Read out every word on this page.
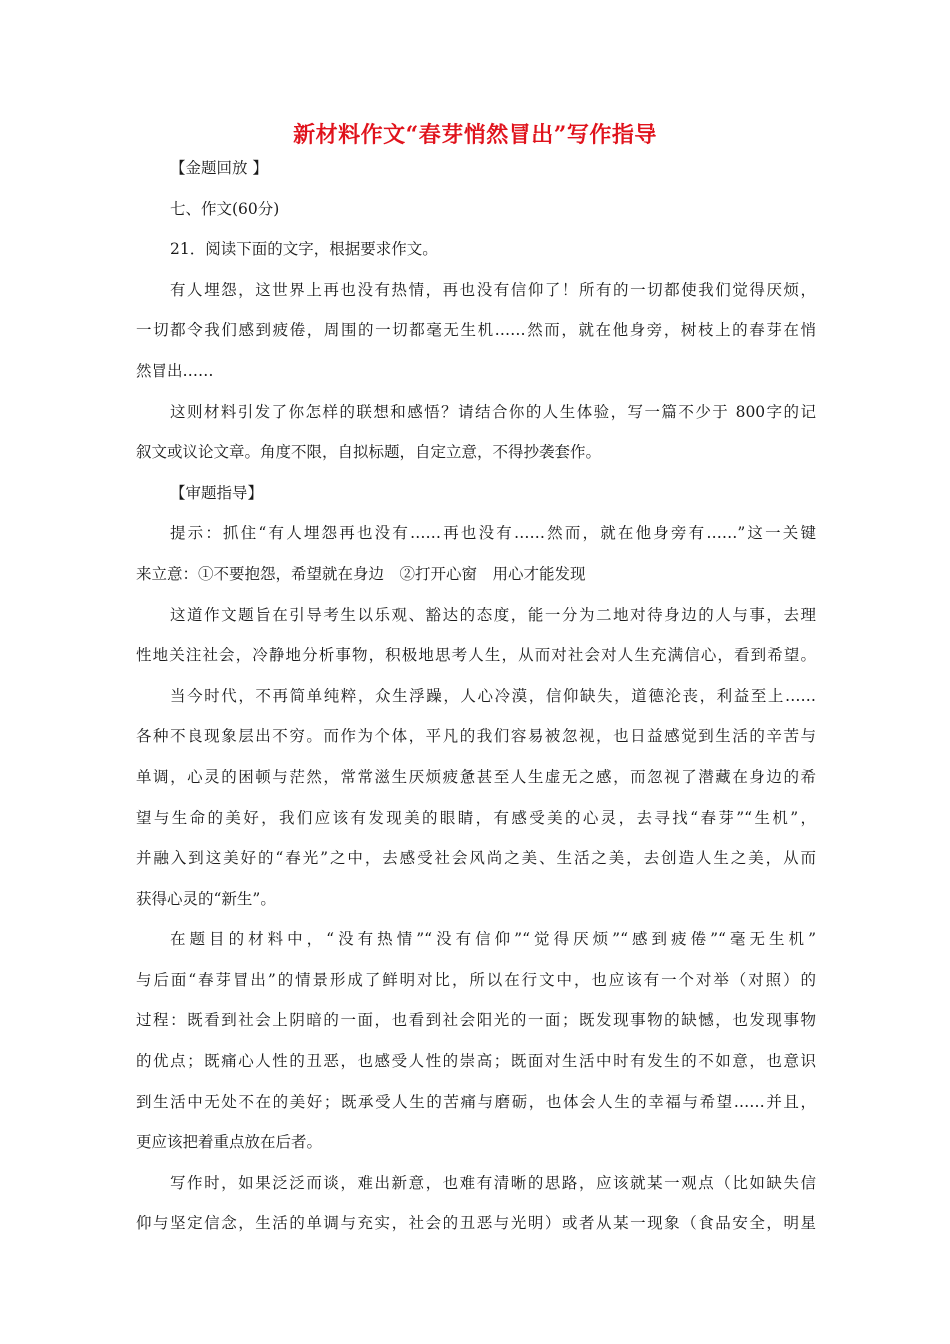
新材料作文“春芽悄然冒出”写作指导
【金题回放 】
七、作文(60分)
21．阅读下面的文字，根据要求作文。
有人埋怨，这世界上再也没有热情，再也没有信仰了！所有的一切都使我们觉得厌烦，
一切都令我们感到疲倦，周围的一切都毫无生机……然而，就在他身旁，树枝上的春芽在悄
然冒出……
这则材料引发了你怎样的联想和感悟？请结合你的人生体验，写一篇不少于 800字的记
叙文或议论文章。角度不限，自拟标题，自定立意，不得抄袭套作。
【审题指导】
提示：抓住“有人埋怨再也没有……再也没有……然而，就在他身旁有……”这一关键
来立意：①不要抱怨，希望就在身边　②打开心窗　用心才能发现
这道作文题旨在引导考生以乐观、豁达的态度，能一分为二地对待身边的人与事，去理
性地关注社会，冷静地分析事物，积极地思考人生，从而对社会对人生充满信心，看到希望。
当今时代，不再简单纯粹，众生浮躁，人心冷漠，信仰缺失，道德沦丧，利益至上……
各种不良现象层出不穷。而作为个体，平凡的我们容易被忽视，也日益感觉到生活的辛苦与
单调，心灵的困顿与茫然，常常滋生厌烦疲惫甚至人生虚无之感，而忽视了潜藏在身边的希
望与生命的美好，我们应该有发现美的眼睛，有感受美的心灵，去寻找“春芽”“生机”，
并融入到这美好的“春光”之中，去感受社会风尚之美、生活之美，去创造人生之美，从而
获得心灵的“新生”。
在题目的材料中，“没有热情”“没有信仰”“觉得厌烦”“感到疲倦”“毫无生机”
与后面“春芽冒出”的情景形成了鲜明对比，所以在行文中，也应该有一个对举（对照）的
过程：既看到社会上阴暗的一面，也看到社会阳光的一面；既发现事物的缺憾，也发现事物
的优点；既痛心人性的丑恶，也感受人性的崇高；既面对生活中时有发生的不如意，也意识
到生活中无处不在的美好；既承受人生的苦痛与磨砺，也体会人生的幸福与希望……并且，
更应该把着重点放在后者。
写作时，如果泛泛而谈，难出新意，也难有清晰的思路，应该就某一观点（比如缺失信
仰与坚定信念，生活的单调与充实，社会的丑恶与光明）或者从某一现象（食品安全，明星
